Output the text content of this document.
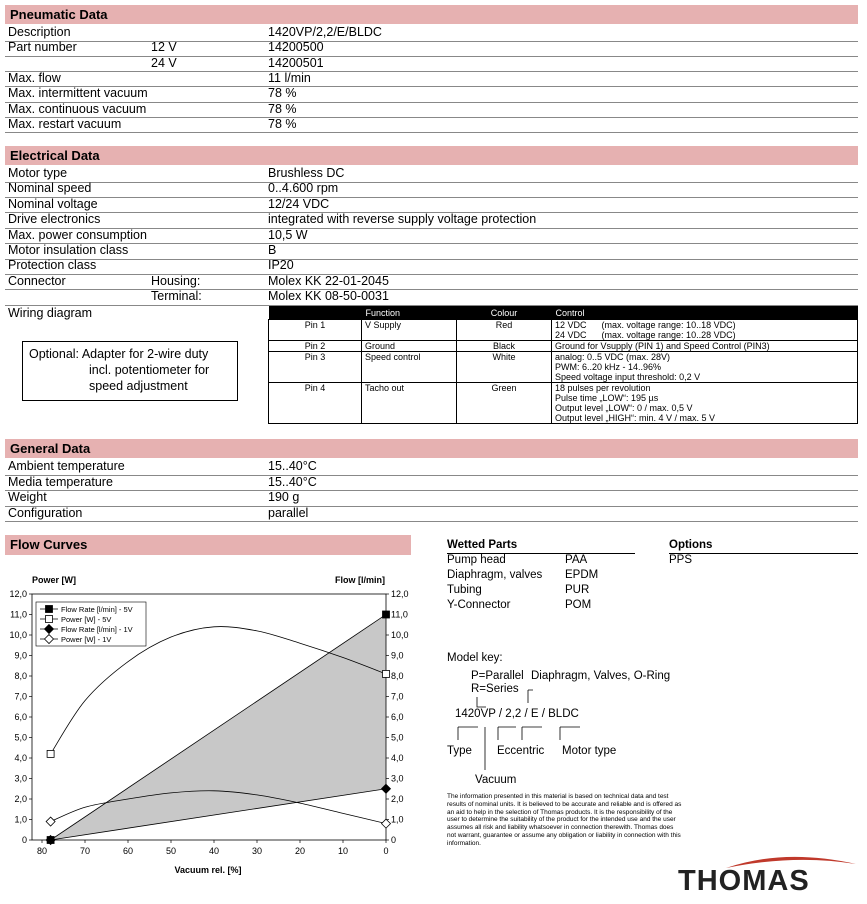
Pneumatic Data
Description	1420VP/2,2/E/BLDC
Part number	12 V	14200500
24 V	14200501
Max. flow	11 l/min
Max. intermittent vacuum	78 %
Max. continuous vacuum	78 %
Max. restart vacuum	78 %
Electrical Data
Motor type	Brushless DC
Nominal speed	0..4.600 rpm
Nominal voltage	12/24 VDC
Drive electronics	integrated with reverse supply voltage protection
Max. power consumption	10,5 W
Motor insulation class	B
Protection class	IP20
Connector	Housing:	Molex KK 22-01-2045
Terminal:	Molex KK 08-50-0031
Wiring diagram
Optional: Adapter for 2-wire duty
incl. potentiometer for
speed adjustment
	Function	Colour	Control
Pin 1	V Supply	Red	12 VDC      (max. voltage range: 10..18 VDC)
24 VDC      (max. voltage range: 10..28 VDC)

Pin 2	Ground	Black	Ground for Vsupply (PIN 1) and Speed Control (PIN3)

Pin 3	Speed control	White	analog: 0..5 VDC (max. 28V)
PWM: 6..20 kHz - 14..96%
Speed voltage input threshold: 0,2 V

Pin 4	Tacho out	Green	18 pulses per revolution
Pulse time „LOW“: 195 µs
Output level „LOW“: 0 / max. 0,5 V
Output level „HIGH“: min. 4 V / max. 5 V
General Data
Ambient temperature	15..40°C
Media temperature	15..40°C
Weight	190 g
Configuration	parallel
Flow Curves
Power [W]	Flow [l/min]
Vacuum rel. [%]
0	0
1,0	1,0
2,0	2,0
3,0	3,0
4,0	4,0
5,0	5,0
6,0	6,0
7,0	7,0
8,0	8,0
9,0	9,0
10,0	10,0
11,0	11,0
12,0	12,0
80	70	60	50	40	30	20	10	0
Flow Rate [l/min] - 5V
Power [W] - 5V
Flow Rate [l/min] - 1V
Power [W] - 1V
Wetted Parts
Pump head	PAA
Diaphragm, valves EPDM
Tubing	PUR
Y-Connector	POM
Options
PPS
Model key:
P=Parallel
R=Series
Diaphragm, Valves, O-Ring
1420VP / 2,2 / E / BLDC
Type Eccentric Motor type
Vacuum
The information presented in this material is based on technical data and test results of nominal units. It is believed to be accurate and reliable and is offered as an aid to help in the selection of Thomas products. It is the responsibility of the user to determine the suitability of the product for the intended use and the user assumes all risk and liability whatsoever in connection therewith. Thomas does not warrant, guarantee or assume any obligation or liability in connection with this information.
THOMAS
